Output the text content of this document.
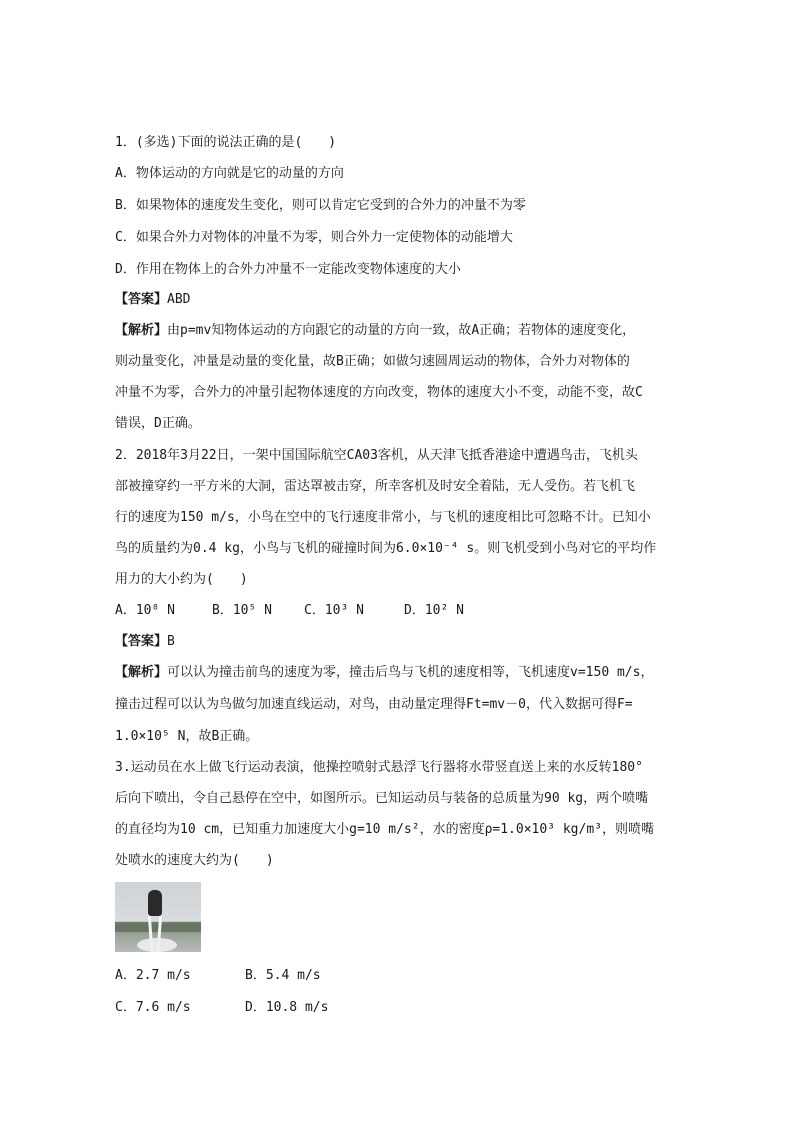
1．(多选)下面的说法正确的是(　　)
A．物体运动的方向就是它的动量的方向
B．如果物体的速度发生变化，则可以肯定它受到的合外力的冲量不为零
C．如果合外力对物体的冲量不为零，则合外力一定使物体的动能增大
D．作用在物体上的合外力冲量不一定能改变物体速度的大小
【答案】ABD
【解析】由p=mv知物体运动的方向跟它的动量的方向一致，故A正确；若物体的速度变化，
则动量变化，冲量是动量的变化量，故B正确；如做匀速圆周运动的物体，合外力对物体的
冲量不为零，合外力的冲量引起物体速度的方向改变，物体的速度大小不变，动能不变，故C
错误，D正确。
2．2018年3月22日，一架中国国际航空CA03客机，从天津飞抵香港途中遭遇鸟击，飞机头
部被撞穿约一平方米的大洞，雷达罩被击穿，所幸客机及时安全着陆，无人受伤。若飞机飞
行的速度为150 m/s，小鸟在空中的飞行速度非常小，与飞机的速度相比可忽略不计。已知小
鸟的质量约为0.4 kg，小鸟与飞机的碰撞时间为6.0×10⁻⁴ s。则飞机受到小鸟对它的平均作
用力的大小约为(　　)
A．10⁸ N	B．10⁵ N C．10³ N	D．10² N
【答案】B
【解析】可以认为撞击前鸟的速度为零，撞击后鸟与飞机的速度相等，飞机速度v=150 m/s，
撞击过程可以认为鸟做匀加速直线运动，对鸟，由动量定理得Ft=mv－0，代入数据可得F=
1.0×10⁵ N，故B正确。
3.运动员在水上做飞行运动表演，他操控喷射式悬浮飞行器将水带竖直送上来的水反转180°
后向下喷出，令自己悬停在空中，如图所示。已知运动员与装备的总质量为90 kg，两个喷嘴
的直径均为10 cm，已知重力加速度大小g=10 m/s²，水的密度ρ=1.0×10³ kg/m³，则喷嘴
处喷水的速度大约为(　　)
A．2.7 m/s	B．5.4 m/s
C．7.6 m/s	D．10.8 m/s
